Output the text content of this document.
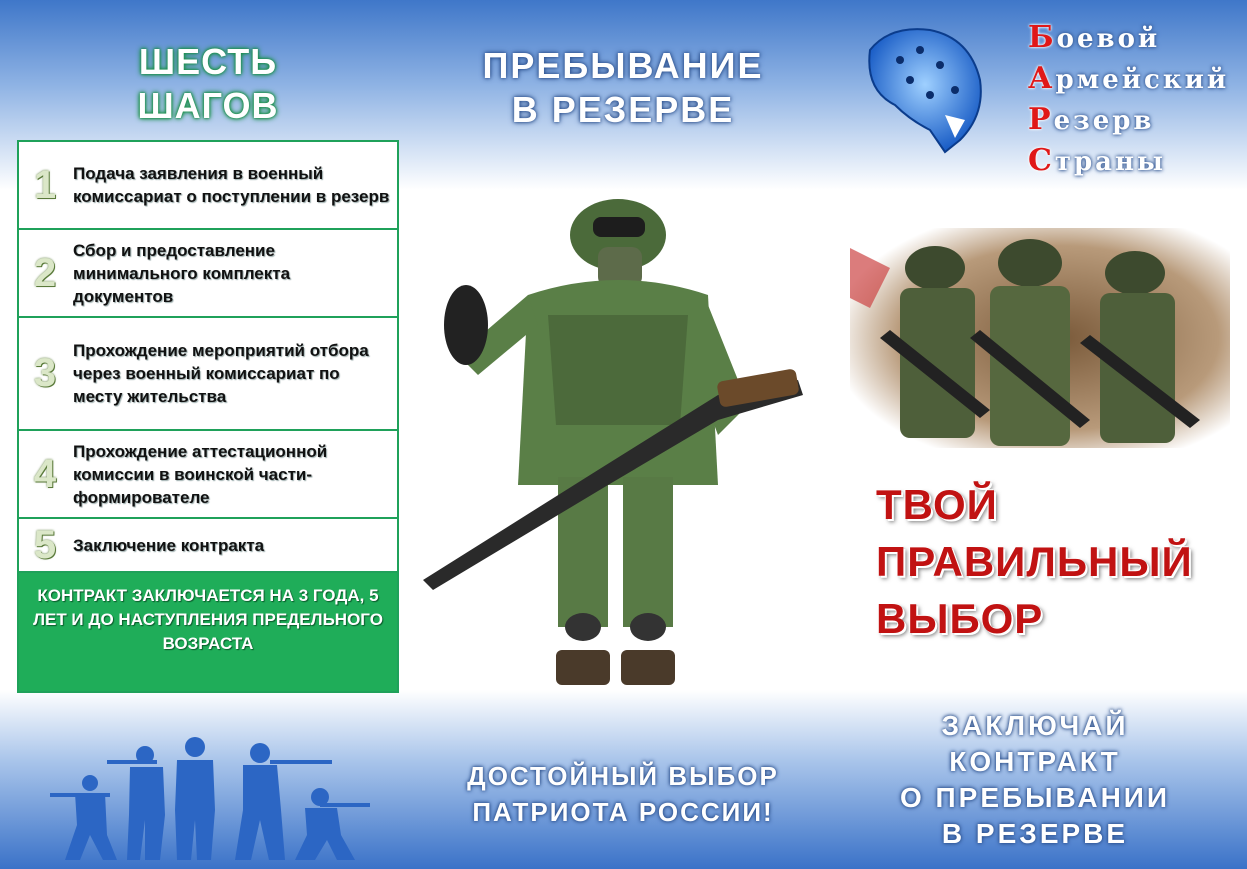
ШЕСТЬ
ШАГОВ
1 Подача заявления в военный комиссариат о поступлении в резерв
2
Сбор и предоставление минимального комплекта документов
3
Прохождение мероприятий отбора через военный комиссариат по месту жительства
4
Прохождение аттестационной комиссии в воинской части-формирователе
5 Заключение контракта
КОНТРАКТ ЗАКЛЮЧАЕТСЯ НА 3 ГОДА, 5 ЛЕТ И ДО НАСТУПЛЕНИЯ ПРЕДЕЛЬНОГО ВОЗРАСТА
ПРЕБЫВАНИЕ
В РЕЗЕРВЕ
ДОСТОЙНЫЙ ВЫБОР
ПАТРИОТА РОССИИ!
Боевой
Армейский
Резерв
Страны
ТВОЙ
ПРАВИЛЬНЫЙ
ВЫБОР
ЗАКЛЮЧАЙ
КОНТРАКТ
О ПРЕБЫВАНИИ
В РЕЗЕРВЕ
